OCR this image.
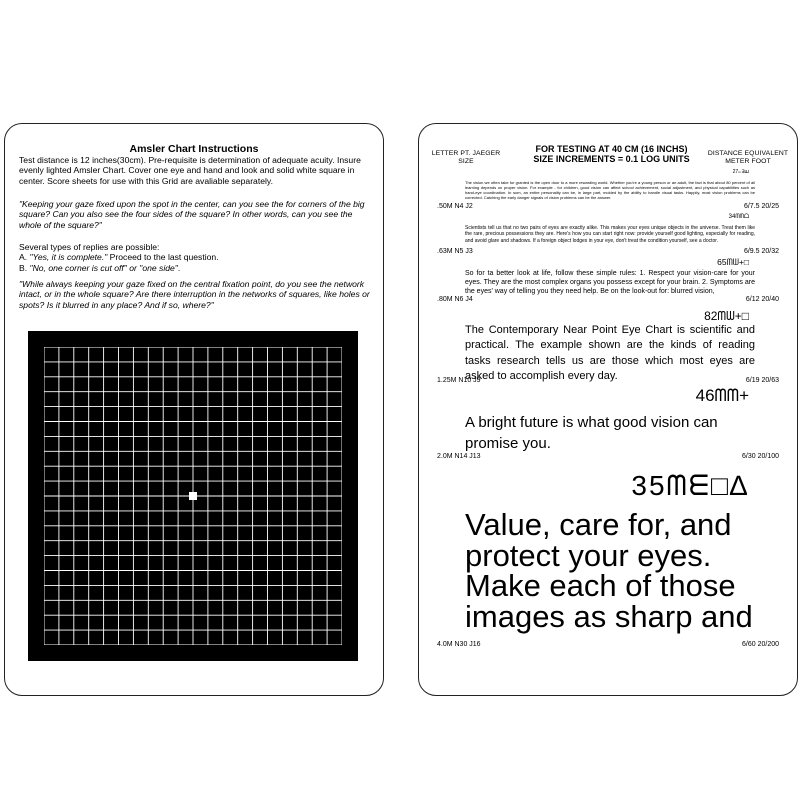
Amsler Chart Instructions

Test distance is 12 inches(30cm). Pre-requisite is determination of adequate acuity. Insure evenly lighted Amsler Chart. Cover one eye and hand and look and solid white square in center. Score sheets for use with this Grid are avaliable separately.

"Keeping your gaze fixed upon the spot in the center, can you see the for corners of the big square? Can you also see the four sides of the square? In other words, can you see the whole of the square?"

Several types of replies are possible:
A. "Yes, it is complete." Proceed to the last question.
B. "No, one corner is cut off" or "one side".

"While always keeping your gaze fixed on the central fixation point, do you see the network intact, or in the whole square? Are there interruption in the networks of squares, like holes or spots? Is it blurred in any place? And if so, where?"

LETTER PT. JAEGER SIZE
FOR TESTING AT 40 CM (16 INCHS)
SIZE INCREMENTS = 0.1 LOG UNITS
DISTANCE EQUIVALENT METER FOOT
27ₘ∃ꟺ

The vision we often take for granted is the open door to a more rewarding world. Whether you're a young person or an adult, the fact is that about 80 percent of all learning depends on proper vision. For example - for children, good vision can affect school achievement, social adjustment, and physical capabilities such as hand-eye coordination. In sum, an entire personality can be, in large part, molded by the ability to handle visual tasks. Happily, most vision problems can be corrected. Catching the early danger signals of vision problems can be the answer.

.50M N4 J2	6/7.5 20/25
34ᗰᗰᗝ

Scientists tell us that no two pairs of eyes are exactly alike. This makes your eyes unique objects in the universe. Treat them like the rare, precious possessions they are. Here's how you can start right now: provide yourself good lighting, especially for reading, and avoid glare and shadows. If a foreign object lodges in your eye, don't treat the condition yourself, see a doctor.

.63M N5 J3	6/9.5 20/32
65ᗰᗯ+□

So for ta better look at life, follow these simple rules: 1. Respect your vision-care for your eyes. They are the most complex organs you possess except for your brain. 2. Symptoms are the eyes' way of telling you they need help. Be on the look-out for: blurred vision,

.80M N6 J4	6/12 20/40
82ᗰᗯ+□

The Contemporary Near Point Eye Chart is scientific and practical. The example shown are the kinds of reading tasks research tells us are those which most eyes are asked to accomplish every day.

1.25M N10 J9	6/19 20/63
46ᗰᗰ+

A bright future is what good vision can promise you.

2.0M N14 J13	6/30 20/100
35ᗰᗴ□∆

Value, care for, and protect your eyes. Make each of those images as sharp and

4.0M N30 J16	6/60 20/200
